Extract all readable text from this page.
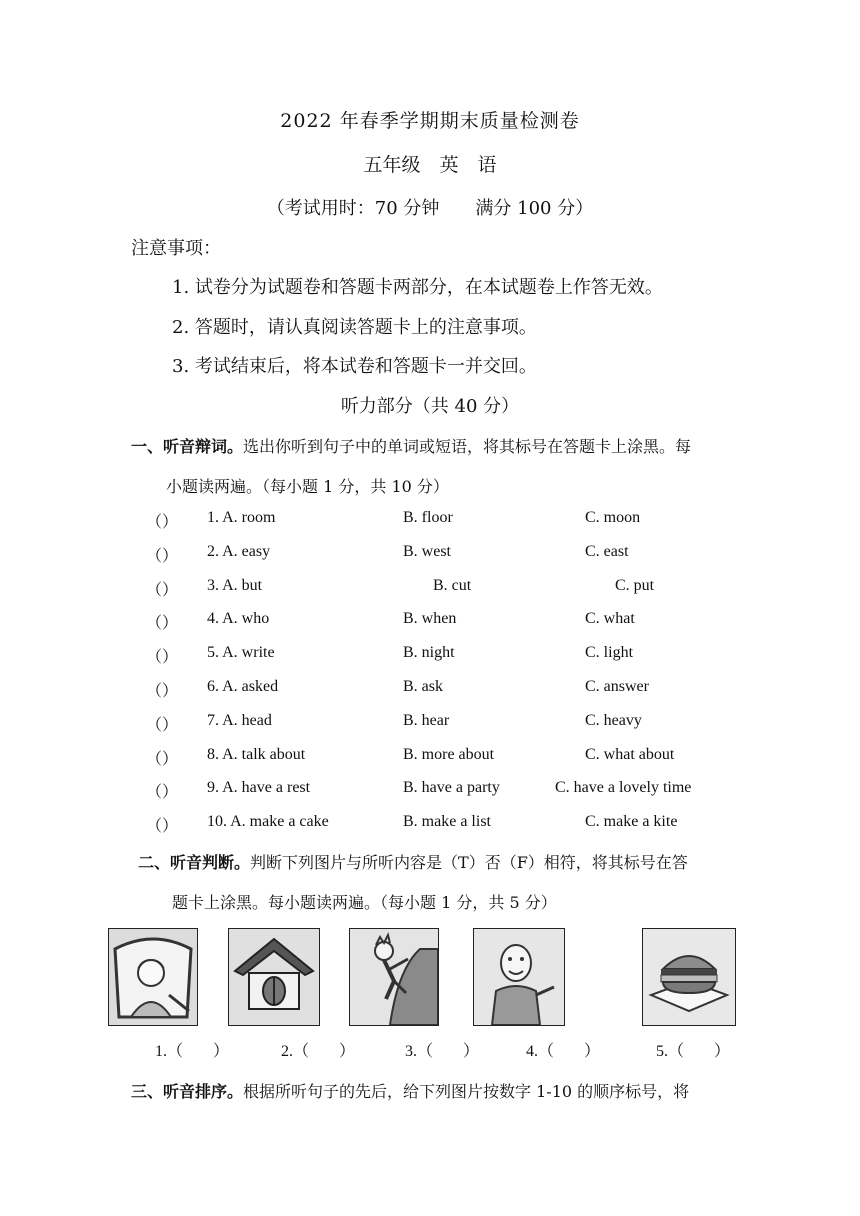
2022 年春季学期期末质量检测卷
五年级　英　语
（考试用时：70 分钟　　满分 100 分）
注意事项：
1. 试卷分为试题卷和答题卡两部分，在本试题卷上作答无效。
2. 答题时，请认真阅读答题卡上的注意事项。
3. 考试结束后，将本试卷和答题卡一并交回。
听力部分（共 40 分）
一、听音辩词。选出你听到句子中的单词或短语，将其标号在答题卡上涂黑。每
小题读两遍。（每小题 1 分，共 10 分）
（
） 1. A. room	B. floor	C. moon
（
） 2. A. easy	B. west	C. east
（
） 3. A. but	B. cut	C. put
（
） 4. A. who	B. when	C. what
（
） 5. A. write	B. night	C. light
（
） 6. A. asked	B. ask	C. answer
（
） 7. A. head	B. hear	C. heavy
（
） 8. A. talk about	B. more about	C. what about
（
） 9. A. have a rest	B. have a party	C. have a lovely time
（
） 10. A. make a cake	B. make a list	C. make a kite
二、听音判断。判断下列图片与所听内容是（T）否（F）相符，将其标号在答
题卡上涂黑。每小题读两遍。（每小题 1 分，共 5 分）
1.（ ）	2.（ ）	3.（ ）	4.（ ）	5.（ ）
三、听音排序。根据所听句子的先后，给下列图片按数字 1-10 的顺序标号，将
